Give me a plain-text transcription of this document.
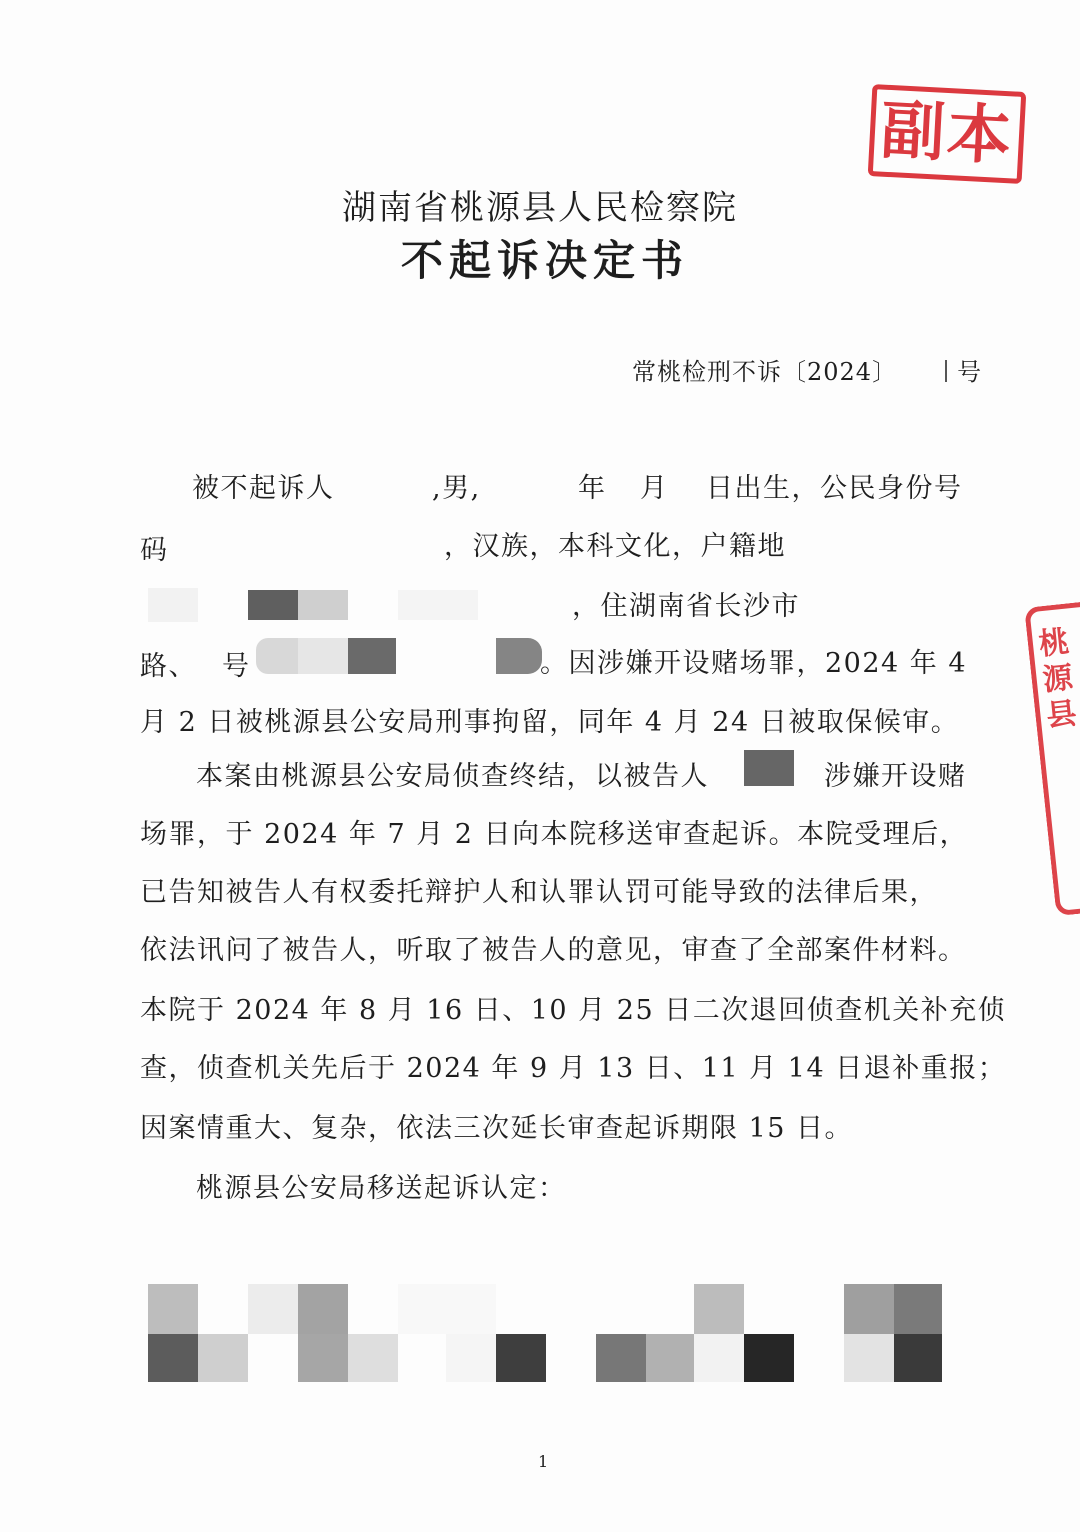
副本
桃源县
湖南省桃源县人民检察院
不起诉决定书
常桃检刑不诉〔2024〕	号
被不起诉人	,男,	年 月 日出生，公民身份号
码	，汉族，本科文化，户籍地
，住湖南省长沙市
路、 号	。因涉嫌开设赌场罪，2024 年 4
月 2 日被桃源县公安局刑事拘留，同年 4 月 24 日被取保候审。
本案由桃源县公安局侦查终结，以被告人	涉嫌开设赌
场罪，于 2024 年 7 月 2 日向本院移送审查起诉。本院受理后，
已告知被告人有权委托辩护人和认罪认罚可能导致的法律后果，
依法讯问了被告人，听取了被告人的意见，审查了全部案件材料。
本院于 2024 年 8 月 16 日、10 月 25 日二次退回侦查机关补充侦
查，侦查机关先后于 2024 年 9 月 13 日、11 月 14 日退补重报；
因案情重大、复杂，依法三次延长审查起诉期限 15 日。
桃源县公安局移送起诉认定：
1
